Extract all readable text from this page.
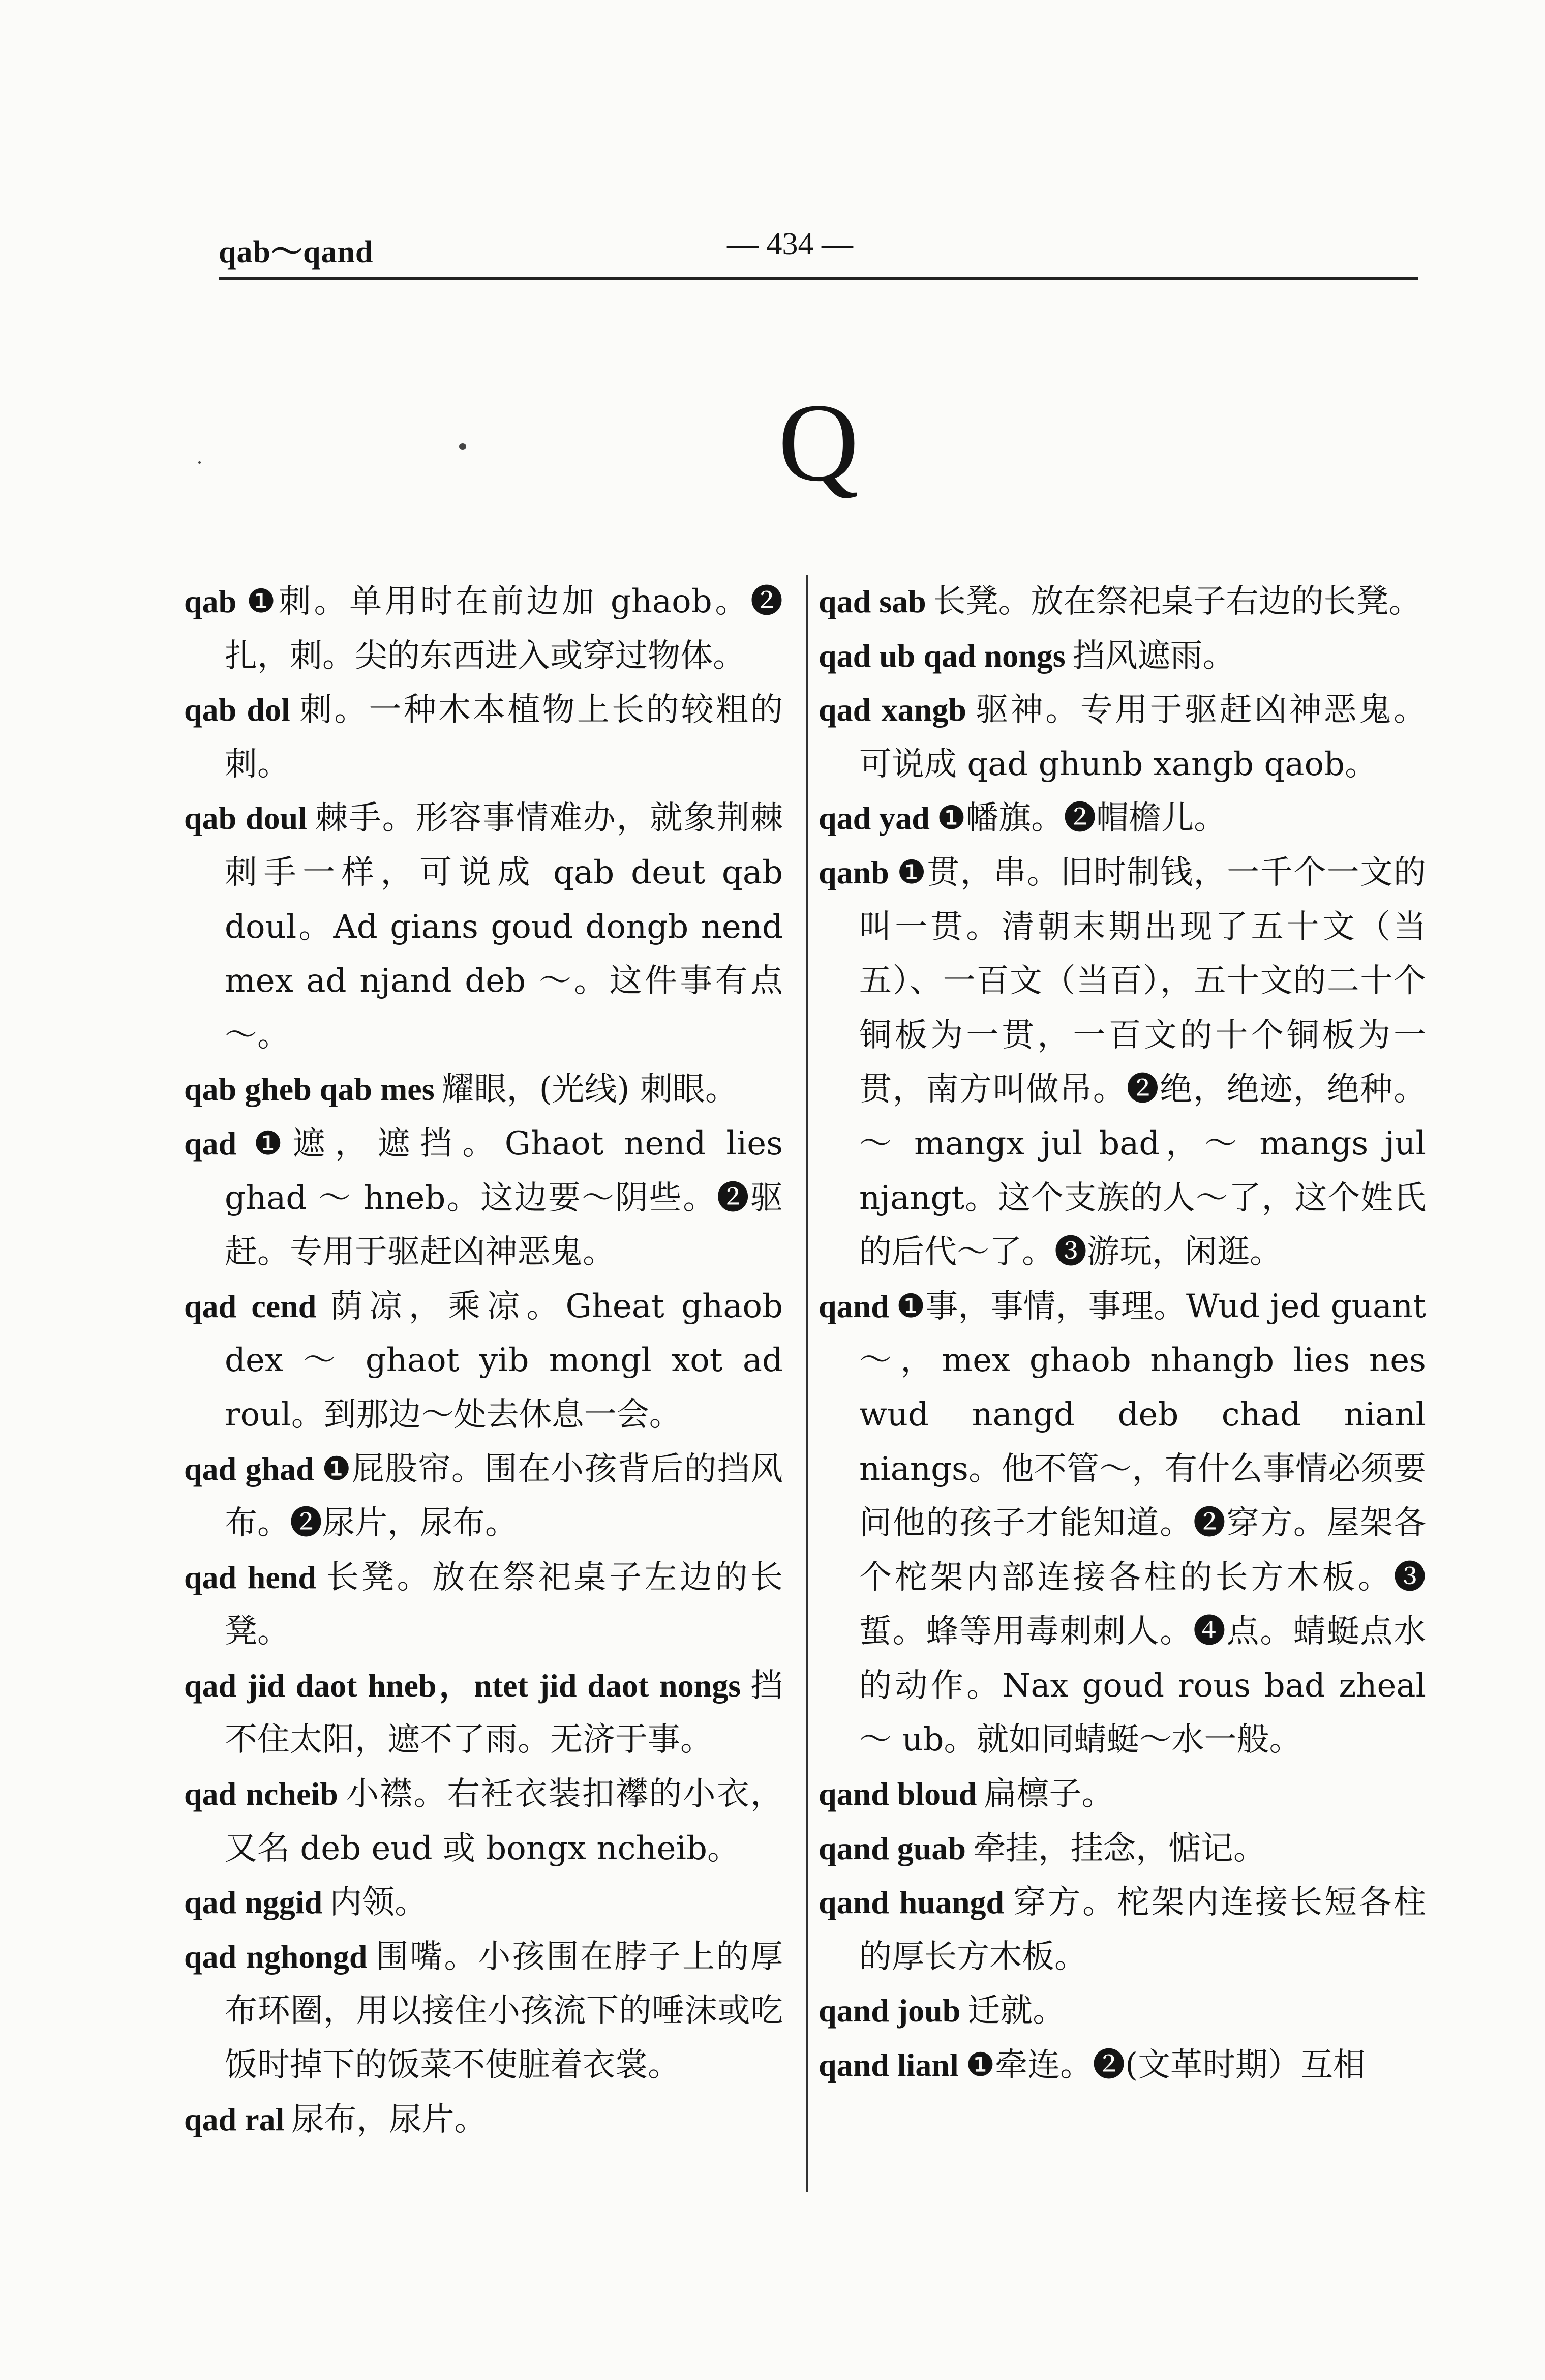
qab～qand	— 434 —
Q

qab ❶刺。单用时在前边加 ghaob。❷扎，刺。尖的东西进入或穿过物体。

qab dol 刺。一种木本植物上长的较粗的刺。

qab doul 棘手。形容事情难办，就象荆棘刺手一样，可说成 qab deut qab doul。Ad gians goud dongb nend mex ad njand deb ～。这件事有点～。

qab gheb qab mes 耀眼，(光线) 刺眼。

qad ❶遮，遮挡。Ghaot nend lies ghad ～ hneb。这边要～阴些。❷驱赶。专用于驱赶凶神恶鬼。

qad cend 荫凉，乘凉。Gheat ghaob dex ～ ghaot yib mongl xot ad roul。到那边～处去休息一会。

qad ghad ❶屁股帘。围在小孩背后的挡风布。❷尿片，尿布。

qad hend 长凳。放在祭祀桌子左边的长凳。

qad jid daot hneb，ntet jid daot nongs 挡不住太阳，遮不了雨。无济于事。

qad ncheib 小襟。右衽衣装扣襻的小衣，又名 deb eud 或 bongx ncheib。

qad nggid 内领。

qad nghongd 围嘴。小孩围在脖子上的厚布环圈，用以接住小孩流下的唾沫或吃饭时掉下的饭菜不使脏着衣裳。

qad ral 尿布，尿片。

qad sab 长凳。放在祭祀桌子右边的长凳。

qad ub qad nongs 挡风遮雨。

qad xangb 驱神。专用于驱赶凶神恶鬼。可说成 qad ghunb xangb qaob。

qad yad ❶幡旗。❷帽檐儿。

qanb ❶贯，串。旧时制钱，一千个一文的叫一贯。清朝末期出现了五十文（当五）、一百文（当百），五十文的二十个铜板为一贯，一百文的十个铜板为一贯，南方叫做吊。❷绝，绝迹，绝种。～ mangx jul bad，～ mangs jul njangt。这个支族的人～了，这个姓氏的后代～了。❸游玩，闲逛。

qand ❶事，事情，事理。Wud jed guant ～，mex ghaob nhangb lies nes wud nangd deb chad nianl niangs。他不管～，有什么事情必须要问他的孩子才能知道。❷穿方。屋架各个柁架内部连接各柱的长方木板。❸蜇。蜂等用毒刺刺人。❹点。蜻蜓点水的动作。Nax goud rous bad zheal ～ ub。就如同蜻蜓～水一般。

qand bloud 扁檩子。

qand guab 牵挂，挂念，惦记。

qand huangd 穿方。柁架内连接长短各柱的厚长方木板。

qand joub 迁就。

qand lianl ❶牵连。❷(文革时期）互相
